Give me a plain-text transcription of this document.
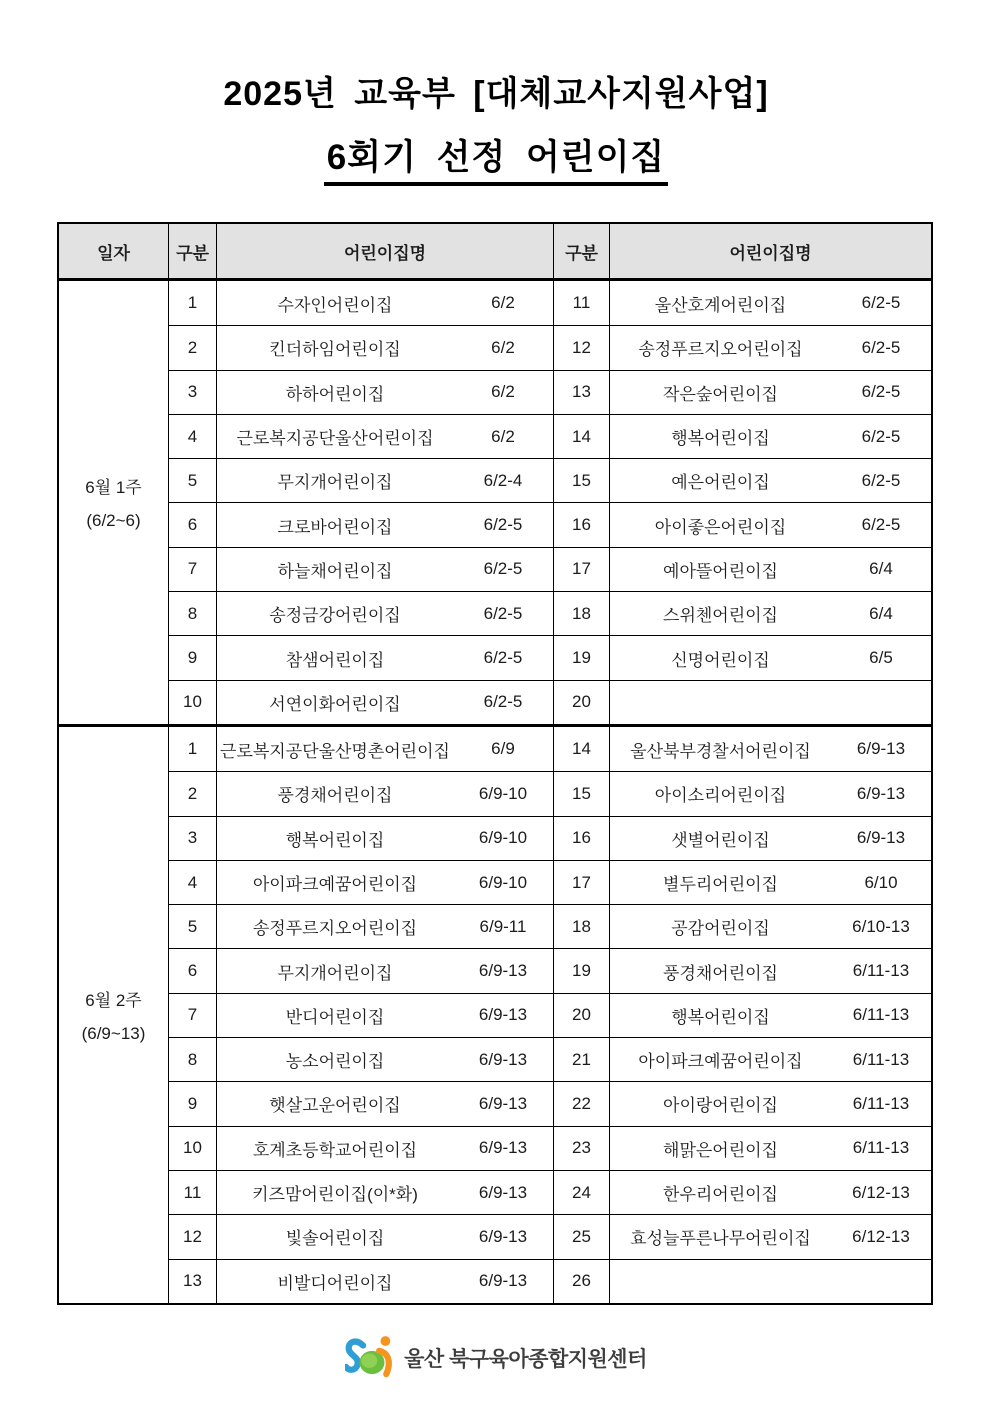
2025년 교육부 [대체교사지원사업]
6회기 선정 어린이집
일자	구분	어린이집명	구분	어린이집명
6월 1주
(6/2~6)
1	수자인어린이집	6/2	11	울산호계어린이집	6/2-5
2	킨더하임어린이집	6/2	12	송정푸르지오어린이집	6/2-5
3	하하어린이집	6/2	13	작은숲어린이집	6/2-5
4	근로복지공단울산어린이집	6/2	14	행복어린이집	6/2-5
5	무지개어린이집	6/2-4	15	예은어린이집	6/2-5
6	크로바어린이집	6/2-5	16	아이좋은어린이집	6/2-5
7	하늘채어린이집	6/2-5	17	예아뜰어린이집	6/4
8	송정금강어린이집	6/2-5	18	스위첸어린이집	6/4
9	참샘어린이집	6/2-5	19	신명어린이집	6/5
10	서연이화어린이집	6/2-5	20
6월 2주
(6/9~13)
1	근로복지공단울산명촌어린이집	6/9	14	울산북부경찰서어린이집	6/9-13
2	풍경채어린이집	6/9-10	15	아이소리어린이집	6/9-13
3	행복어린이집	6/9-10	16	샛별어린이집	6/9-13
4	아이파크예꿈어린이집	6/9-10	17	별두리어린이집	6/10
5	송정푸르지오어린이집	6/9-11	18	공감어린이집	6/10-13
6	무지개어린이집	6/9-13	19	풍경채어린이집	6/11-13
7	반디어린이집	6/9-13	20	행복어린이집	6/11-13
8	농소어린이집	6/9-13	21	아이파크예꿈어린이집	6/11-13
9	햇살고운어린이집	6/9-13	22	아이랑어린이집	6/11-13
10	호계초등학교어린이집	6/9-13	23	해맑은어린이집	6/11-13
11	키즈맘어린이집(이*화)	6/9-13	24	한우리어린이집	6/12-13
12	빛솔어린이집	6/9-13	25	효성늘푸른나무어린이집	6/12-13
13	비발디어린이집	6/9-13	26
울산 북구육아종합지원센터
